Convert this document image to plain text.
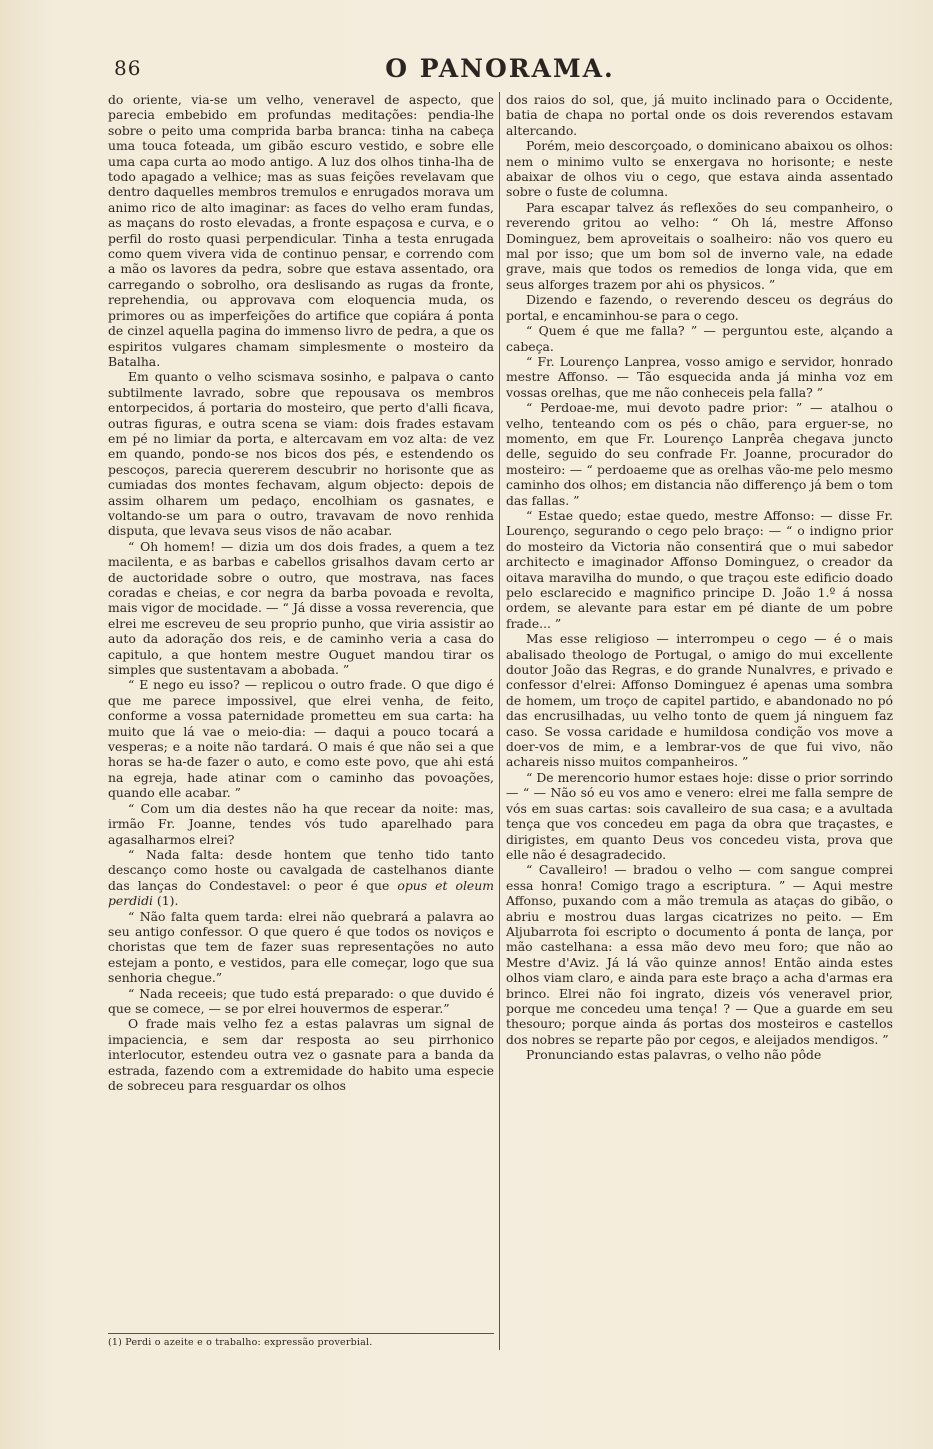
86	O PANORAMA.

do oriente, via-se um velho, veneravel de aspecto, que parecia embebido em profundas meditações: pendia-lhe sobre o peito uma comprida barba branca: tinha na cabeça uma touca foteada, um gibão escuro vestido, e sobre elle uma capa curta ao modo antigo. A luz dos olhos tinha-lha de todo apagado a velhice; mas as suas feições revelavam que dentro daquelles membros tremulos e enrugados morava um animo rico de alto imaginar: as faces do velho eram fundas, as maçans do rosto elevadas, a fronte espaçosa e curva, e o perfil do rosto quasi perpendicular. Tinha a testa enrugada como quem vivera vida de continuo pensar, e correndo com a mão os lavores da pedra, sobre que estava assentado, ora carregando o sobrolho, ora deslisando as rugas da fronte, reprehendia, ou approvava com eloquencia muda, os primores ou as imperfeições do artifice que copiára á ponta de cinzel aquella pagina do immenso livro de pedra, a que os espiritos vulgares chamam simplesmente o mosteiro da Batalha.

Em quanto o velho scismava sosinho, e palpava o canto subtilmente lavrado, sobre que repousava os membros entorpecidos, á portaria do mosteiro, que perto d'alli ficava, outras figuras, e outra scena se viam: dois frades estavam em pé no limiar da porta, e altercavam em voz alta: de vez em quando, pondo-se nos bicos dos pés, e estendendo os pescoços, parecia quererem descubrir no horisonte que as cumiadas dos montes fechavam, algum objecto: depois de assim olharem um pedaço, encolhiam os gasnates, e voltando-se um para o outro, travavam de novo renhida disputa, que levava seus visos de não acabar.

“ Oh homem! — dizia um dos dois frades, a quem a tez macilenta, e as barbas e cabellos grisalhos davam certo ar de auctoridade sobre o outro, que mostrava, nas faces coradas e cheias, e cor negra da barba povoada e revolta, mais vigor de mocidade. — “ Já disse a vossa reverencia, que elrei me escreveu de seu proprio punho, que viria assistir ao auto da adoração dos reis, e de caminho veria a casa do capitulo, a que hontem mestre Ouguet mandou tirar os simples que sustentavam a abobada. ”

“ E nego eu isso? — replicou o outro frade. O que digo é que me parece impossivel, que elrei venha, de feito, conforme a vossa paternidade prometteu em sua carta: ha muito que lá vae o meio-dia: — daqui a pouco tocará a vesperas; e a noite não tardará. O mais é que não sei a que horas se ha-de fazer o auto, e como este povo, que ahi está na egreja, hade atinar com o caminho das povoações, quando elle acabar. ”

“ Com um dia destes não ha que recear da noite: mas, irmão Fr. Joanne, tendes vós tudo aparelhado para agasalharmos elrei?

“ Nada falta: desde hontem que tenho tido tanto descanço como hoste ou cavalgada de castelhanos diante das lanças do Condestavel: o peor é que opus et oleum perdidi (1).

“ Não falta quem tarda: elrei não quebrará a palavra ao seu antigo confessor. O que quero é que todos os noviços e choristas que tem de fazer suas representações no auto estejam a ponto, e vestidos, para elle começar, logo que sua senhoria chegue.”

“ Nada receeis; que tudo está preparado: o que duvido é que se comece, — se por elrei houvermos de esperar.”

O frade mais velho fez a estas palavras um signal de impaciencia, e sem dar resposta ao seu pirrhonico interlocutor, estendeu outra vez o gasnate para a banda da estrada, fazendo com a extremidade do habito uma especie de sobreceu para resguardar os olhos

dos raios do sol, que, já muito inclinado para o Occidente, batia de chapa no portal onde os dois reverendos estavam altercando.

Porém, meio descorçoado, o dominicano abaixou os olhos: nem o minimo vulto se enxergava no horisonte; e neste abaixar de olhos viu o cego, que estava ainda assentado sobre o fuste de columna.

Para escapar talvez ás reflexões do seu companheiro, o reverendo gritou ao velho: “ Oh lá, mestre Affonso Dominguez, bem aproveitais o soalheiro: não vos quero eu mal por isso; que um bom sol de inverno vale, na edade grave, mais que todos os remedios de longa vida, que em seus alforges trazem por ahi os physicos. ”

Dizendo e fazendo, o reverendo desceu os degráus do portal, e encaminhou-se para o cego.

“ Quem é que me falla? ” — perguntou este, alçando a cabeça.

“ Fr. Lourenço Lanprea, vosso amigo e servidor, honrado mestre Affonso. — Tão esquecida anda já minha voz em vossas orelhas, que me não conheceis pela falla? ”

“ Perdoae-me, mui devoto padre prior: ” — atalhou o velho, tenteando com os pés o chão, para erguer-se, no momento, em que Fr. Lourenço Lanprêa chegava juncto delle, seguido do seu confrade Fr. Joanne, procurador do mosteiro: — “ perdoaeme que as orelhas vão-me pelo mesmo caminho dos olhos; em distancia não differenço já bem o tom das fallas. ”

“ Estae quedo; estae quedo, mestre Affonso: — disse Fr. Lourenço, segurando o cego pelo braço: — “ o indigno prior do mosteiro da Victoria não consentirá que o mui sabedor architecto e imaginador Affonso Dominguez, o creador da oitava maravilha do mundo, o que traçou este edificio doado pelo esclarecido e magnifico principe D. João 1.º á nossa ordem, se alevante para estar em pé diante de um pobre frade... ”

Mas esse religioso — interrompeu o cego — é o mais abalisado theologo de Portugal, o amigo do mui excellente doutor João das Regras, e do grande Nunalvres, e privado e confessor d'elrei: Affonso Dominguez é apenas uma sombra de homem, um troço de capitel partido, e abandonado no pó das encrusilhadas, uu velho tonto de quem já ninguem faz caso. Se vossa caridade e humildosa condição vos move a doer-vos de mim, e a lembrar-vos de que fui vivo, não achareis nisso muitos companheiros. ”

“ De merencorio humor estaes hoje: disse o prior sorrindo — “ — Não só eu vos amo e venero: elrei me falla sempre de vós em suas cartas: sois cavalleiro de sua casa; e a avultada tença que vos concedeu em paga da obra que traçastes, e dirigistes, em quanto Deus vos concedeu vista, prova que elle não é desagradecido.

“ Cavalleiro! — bradou o velho — com sangue comprei essa honra! Comigo trago a escriptura. ” — Aqui mestre Affonso, puxando com a mão tremula as ataças do gibão, o abriu e mostrou duas largas cicatrizes no peito. — Em Aljubarrota foi escripto o documento á ponta de lança, por mão castelhana: a essa mão devo meu foro; que não ao Mestre d'Aviz. Já lá vão quinze annos! Então ainda estes olhos viam claro, e ainda para este braço a acha d'armas era brinco. Elrei não foi ingrato, dizeis vós veneravel prior, porque me concedeu uma tença! ? — Que a guarde em seu thesouro; porque ainda ás portas dos mosteiros e castellos dos nobres se reparte pão por cegos, e aleijados mendigos. ”

Pronunciando estas palavras, o velho não pôde

(1) Perdi o azeite e o trabalho: expressão proverbial.
